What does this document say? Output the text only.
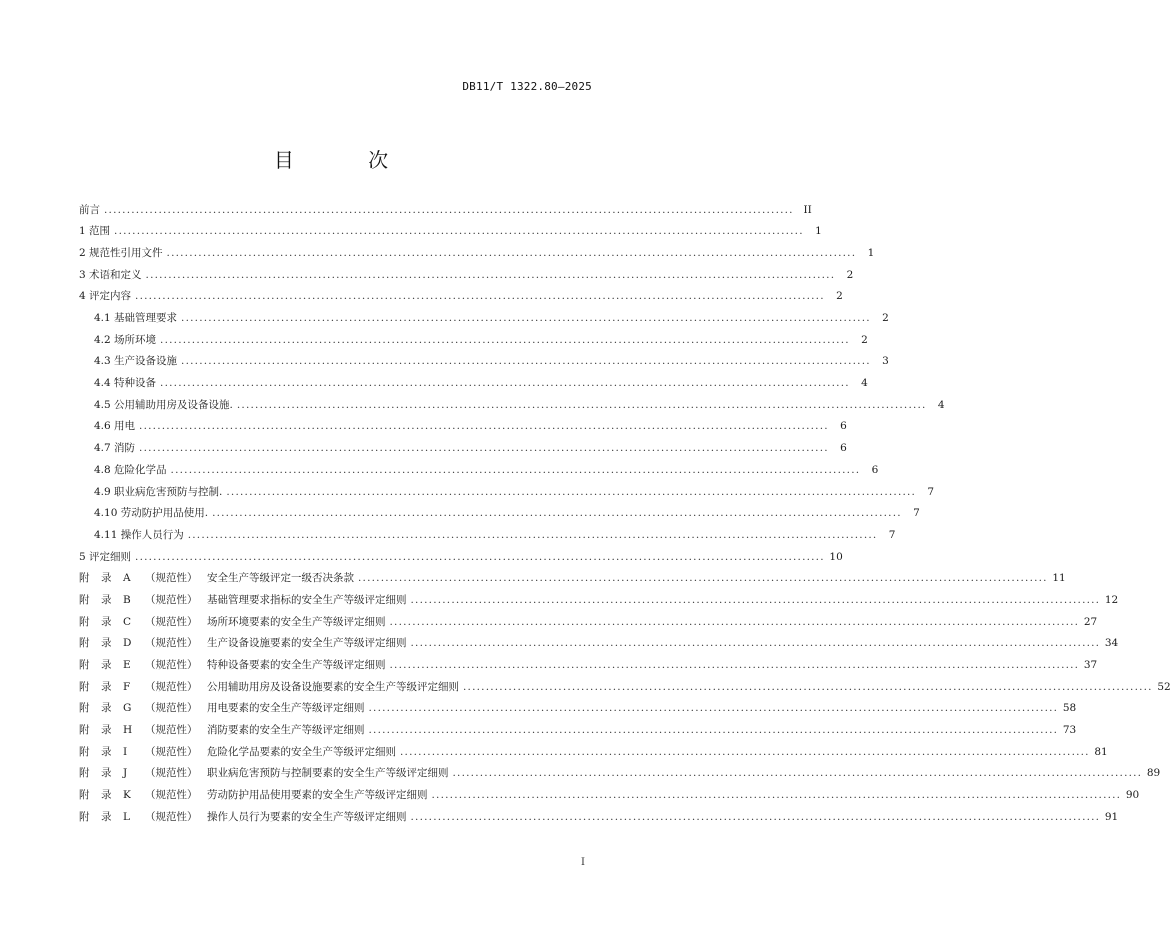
DB11/T 1322.80—2025
目 次
前言 ........................................................................................................................................................ II
1 范围 ........................................................................................................................................................	1
2 规范性引用文件 ........................................................................................................................................................	1
3 术语和定义 ........................................................................................................................................................	2
4 评定内容 ........................................................................................................................................................	2
4.1 基础管理要求 ........................................................................................................................................................	2
4.2 场所环境 ........................................................................................................................................................	2
4.3 生产设备设施 ........................................................................................................................................................	3
4.4 特种设备 ........................................................................................................................................................	4
4.5 公用辅助用房及设备设施. ........................................................................................................................................................	4
4.6 用电 ........................................................................................................................................................	6
4.7 消防 ........................................................................................................................................................	6
4.8 危险化学品 ........................................................................................................................................................	6
4.9 职业病危害预防与控制. ........................................................................................................................................................	7
4.10 劳动防护用品使用. ........................................................................................................................................................	7
4.11 操作人员行为 ........................................................................................................................................................	7
5 评定细则 ........................................................................................................................................................ 10
附	录	A	（规范性） 安全生产等级评定一级否决条款 ........................................................................................................................................................ 11
附	录	B	（规范性） 基础管理要求指标的安全生产等级评定细则 ........................................................................................................................................................ 12
附	录	C	（规范性） 场所环境要素的安全生产等级评定细则 ........................................................................................................................................................ 27
附	录	D	（规范性） 生产设备设施要素的安全生产等级评定细则 ........................................................................................................................................................ 34
附	录	E	（规范性） 特种设备要素的安全生产等级评定细则 ........................................................................................................................................................ 37
附	录	F	（规范性） 公用辅助用房及设备设施要素的安全生产等级评定细则 ........................................................................................................................................................ 52
附	录	G	（规范性） 用电要素的安全生产等级评定细则 ........................................................................................................................................................ 58
附	录	H	（规范性） 消防要素的安全生产等级评定细则 ........................................................................................................................................................ 73
附	录	I	（规范性） 危险化学品要素的安全生产等级评定细则 ........................................................................................................................................................ 81
附	录	J	（规范性） 职业病危害预防与控制要素的安全生产等级评定细则 ........................................................................................................................................................ 89
附	录	K	（规范性） 劳动防护用品使用要素的安全生产等级评定细则 ........................................................................................................................................................ 90
附	录	L	（规范性） 操作人员行为要素的安全生产等级评定细则 ........................................................................................................................................................ 91
I
